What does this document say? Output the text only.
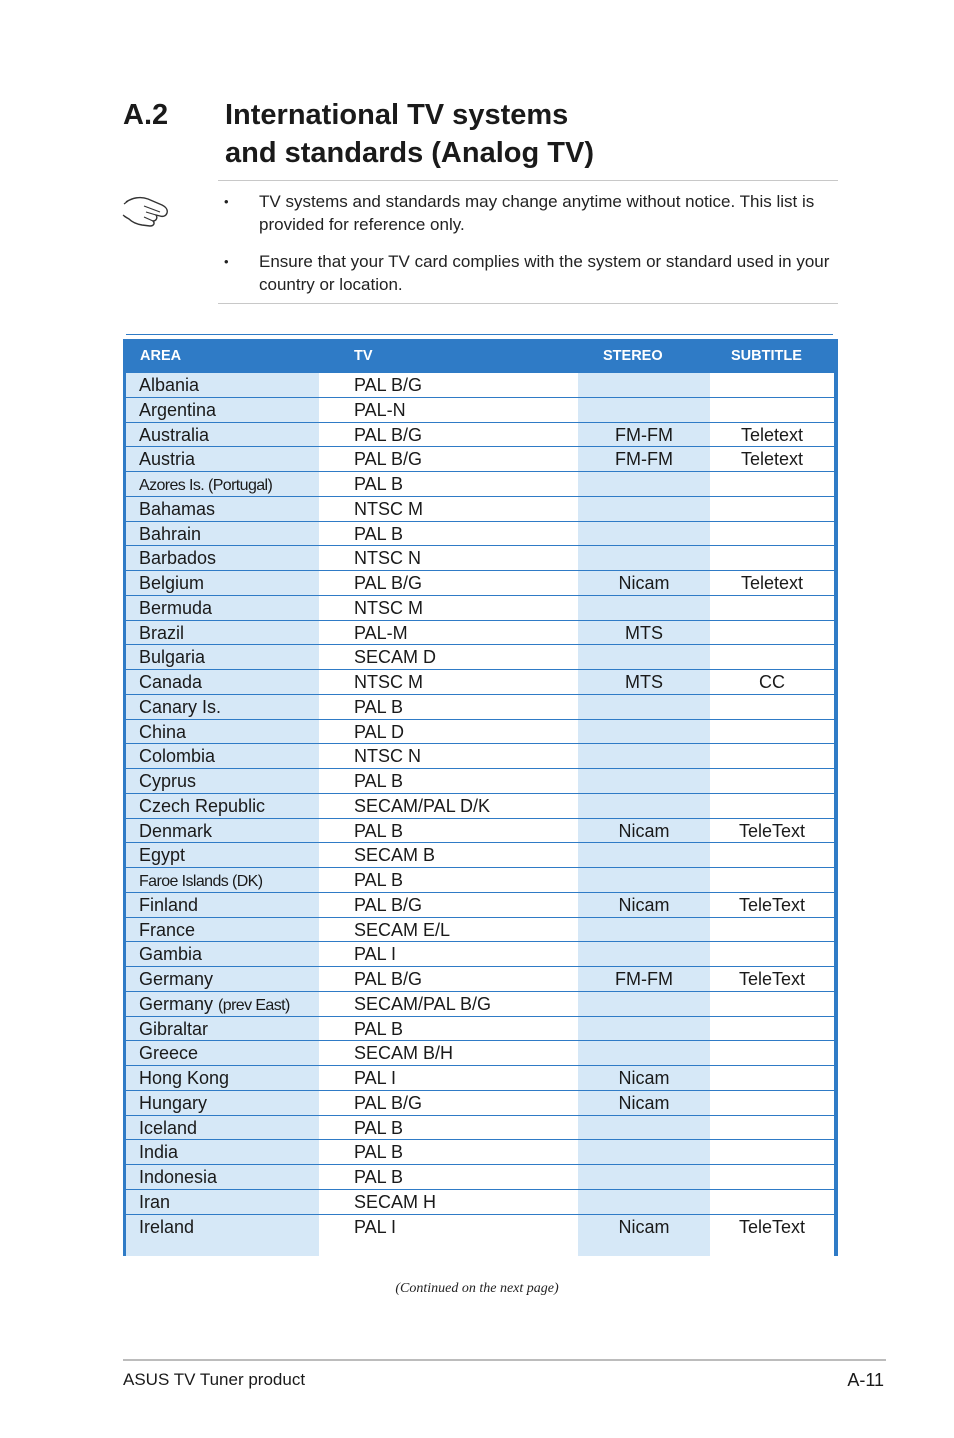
A.2 International TV systems
and standards (Analog TV)
• TV systems and standards may change anytime without notice. This list is provided for reference only.
• Ensure that your TV card complies with the system or standard used in your country or location.
AREA	TV	STEREO	SUBTITLE
Albania	PAL B/G
Argentina	PAL-N
Australia	PAL B/G	FM-FM	Teletext
Austria	PAL B/G	FM-FM	Teletext
Azores Is. (Portugal)	PAL B
Bahamas	NTSC M
Bahrain	PAL B
Barbados	NTSC N
Belgium	PAL B/G	Nicam	Teletext
Bermuda	NTSC M
Brazil	PAL-M	MTS
Bulgaria	SECAM D
Canada	NTSC M	MTS	CC
Canary Is.	PAL B
China	PAL D
Colombia	NTSC N
Cyprus	PAL B
Czech Republic	SECAM/PAL D/K
Denmark	PAL B	Nicam	TeleText
Egypt	SECAM B
Faroe Islands (DK)	PAL B
Finland	PAL B/G	Nicam	TeleText
France	SECAM E/L
Gambia	PAL I
Germany	PAL B/G	FM-FM	TeleText
Germany (prev East)	SECAM/PAL B/G
Gibraltar	PAL B
Greece	SECAM B/H
Hong Kong	PAL I	Nicam
Hungary	PAL B/G	Nicam
Iceland	PAL B
India	PAL B
Indonesia	PAL B
Iran	SECAM H
Ireland	PAL I	Nicam	TeleText
(Continued on the next page)
ASUS TV Tuner product	A-11
